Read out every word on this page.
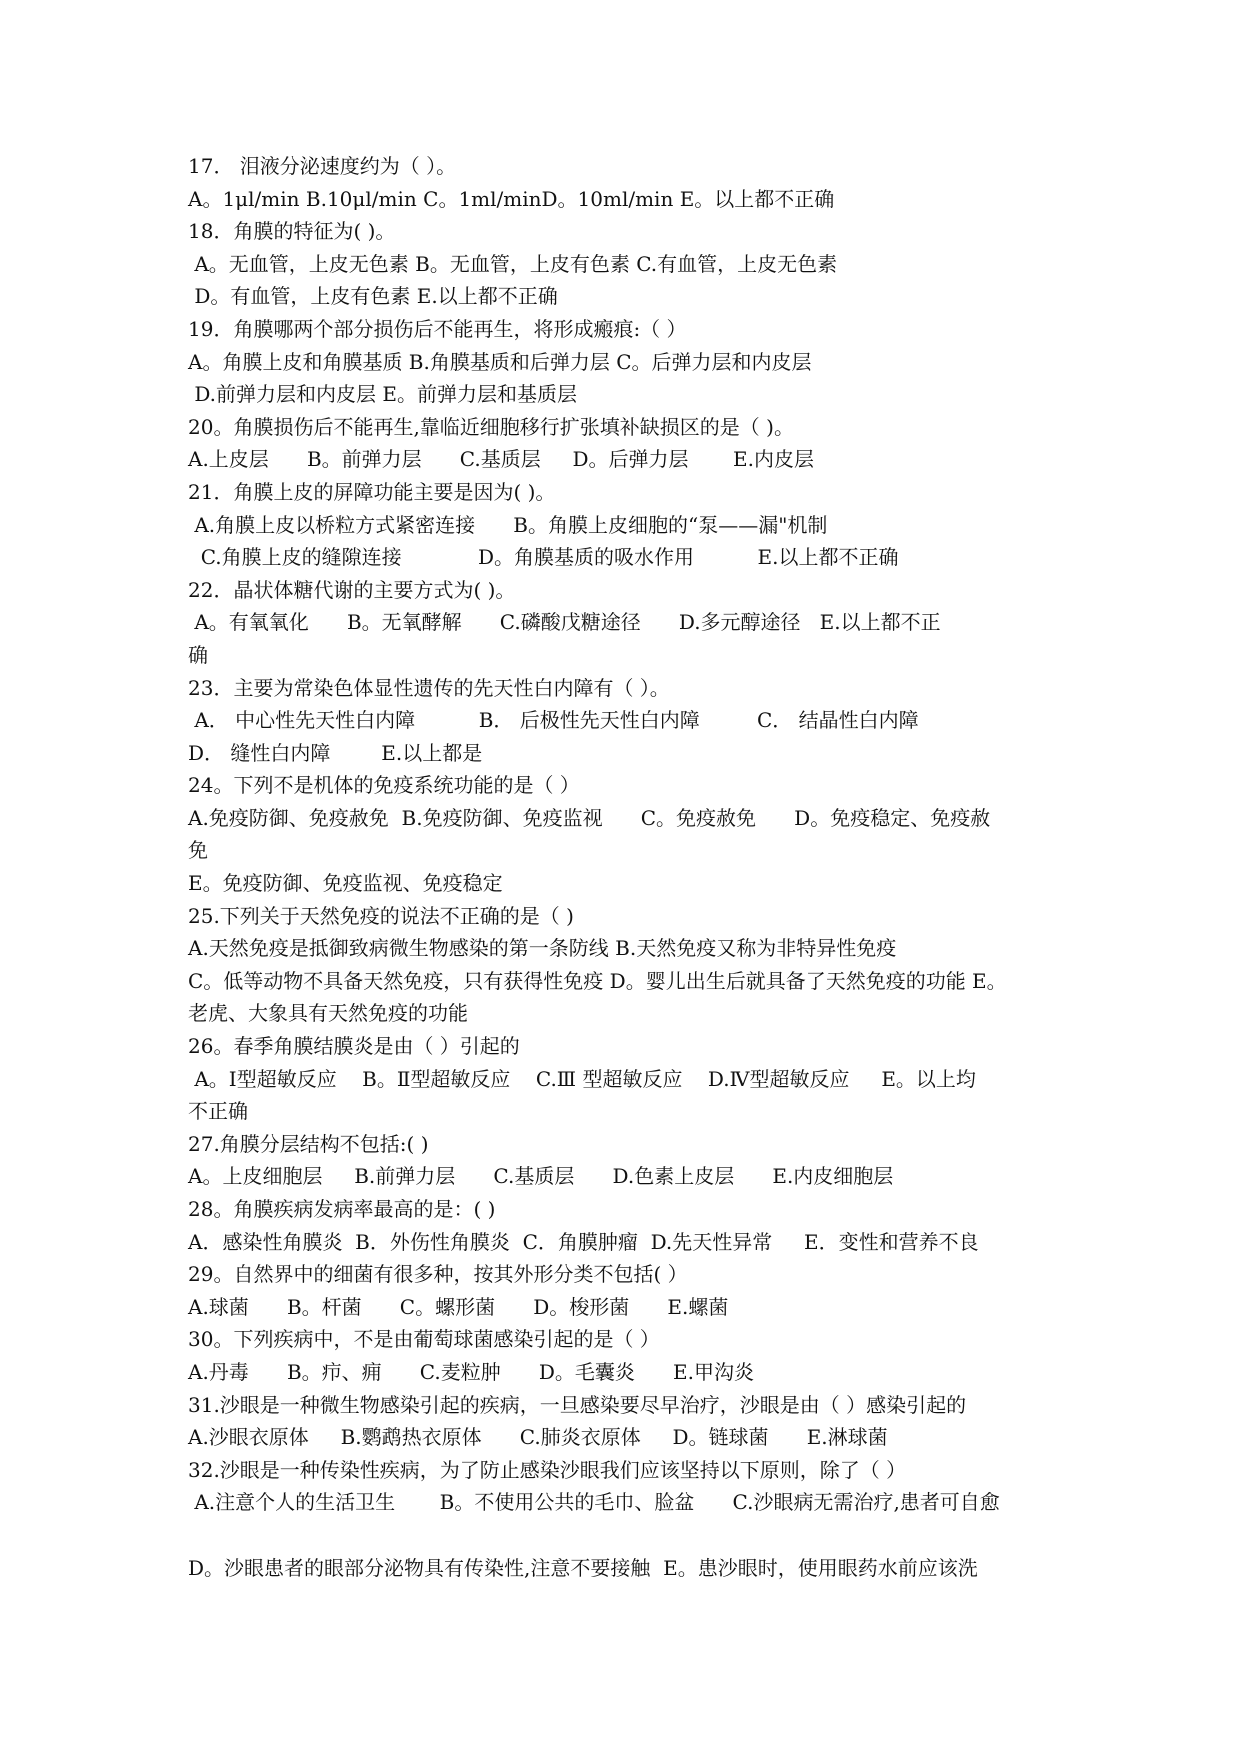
17． 泪液分泌速度约为（ ）。
A。1μl/min B.10μl/min C。1ml/minD。10ml/min E。以上都不正确
18．角膜的特征为( )。
A。无血管，上皮无色素 B。无血管，上皮有色素 C.有血管，上皮无色素
D。有血管，上皮有色素 E.以上都不正确
19．角膜哪两个部分损伤后不能再生，将形成瘢痕:（ ）
A。角膜上皮和角膜基质 B.角膜基质和后弹力层 C。后弹力层和内皮层
D.前弹力层和内皮层 E。前弹力层和基质层
20。角膜损伤后不能再生,靠临近细胞移行扩张填补缺损区的是（ )。
A.上皮层      B。前弹力层      C.基质层     D。后弹力层       E.内皮层
21．角膜上皮的屏障功能主要是因为( )。
A.角膜上皮以桥粒方式紧密连接      B。角膜上皮细胞的“泵——漏"机制
C.角膜上皮的缝隙连接            D。角膜基质的吸水作用          E.以上都不正确
22．晶状体糖代谢的主要方式为( )。
A。有氧氧化      B。无氧酵解      C.磷酸戊糖途径      D.多元醇途径   E.以上都不正
确
23．主要为常染色体显性遗传的先天性白内障有（ ）。
A． 中心性先天性白内障          B． 后极性先天性白内障         C． 结晶性白内障
D． 缝性白内障        E.以上都是
24。下列不是机体的免疫系统功能的是（ ）
A.免疫防御、免疫赦免  B.免疫防御、免疫监视      C。免疫赦免      D。免疫稳定、免疫赦
免
E。免疫防御、免疫监视、免疫稳定
25.下列关于天然免疫的说法不正确的是（ )
A.天然免疫是抵御致病微生物感染的第一条防线 B.天然免疫又称为非特异性免疫
C。低等动物不具备天然免疫，只有获得性免疫 D。婴儿出生后就具备了天然免疫的功能 E。
老虎、大象具有天然免疫的功能
26。春季角膜结膜炎是由（ ）引起的
A。Ⅰ型超敏反应    B。Ⅱ型超敏反应    C.Ⅲ 型超敏反应    D.Ⅳ型超敏反应     E。以上均
不正确
27.角膜分层结构不包括:( )
A。上皮细胞层     B.前弹力层      C.基质层      D.色素上皮层      E.内皮细胞层
28。角膜疾病发病率最高的是：( )
A．感染性角膜炎  B．外伤性角膜炎  C．角膜肿瘤  D.先天性异常     E．变性和营养不良
29。自然界中的细菌有很多种，按其外形分类不包括( ）
A.球菌      B。杆菌      C。螺形菌      D。梭形菌      E.螺菌
30。下列疾病中，不是由葡萄球菌感染引起的是（ ）
A.丹毒      B。疖、痈      C.麦粒肿      D。毛囊炎      E.甲沟炎
31.沙眼是一种微生物感染引起的疾病，一旦感染要尽早治疗，沙眼是由（ ）感染引起的
A.沙眼衣原体     B.鹦鹉热衣原体      C.肺炎衣原体     D。链球菌      E.淋球菌
32.沙眼是一种传染性疾病，为了防止感染沙眼我们应该坚持以下原则，除了（ ）
A.注意个人的生活卫生       B。不使用公共的毛巾、脸盆      C.沙眼病无需治疗,患者可自愈
D。沙眼患者的眼部分泌物具有传染性,注意不要接触  E。患沙眼时，使用眼药水前应该洗
